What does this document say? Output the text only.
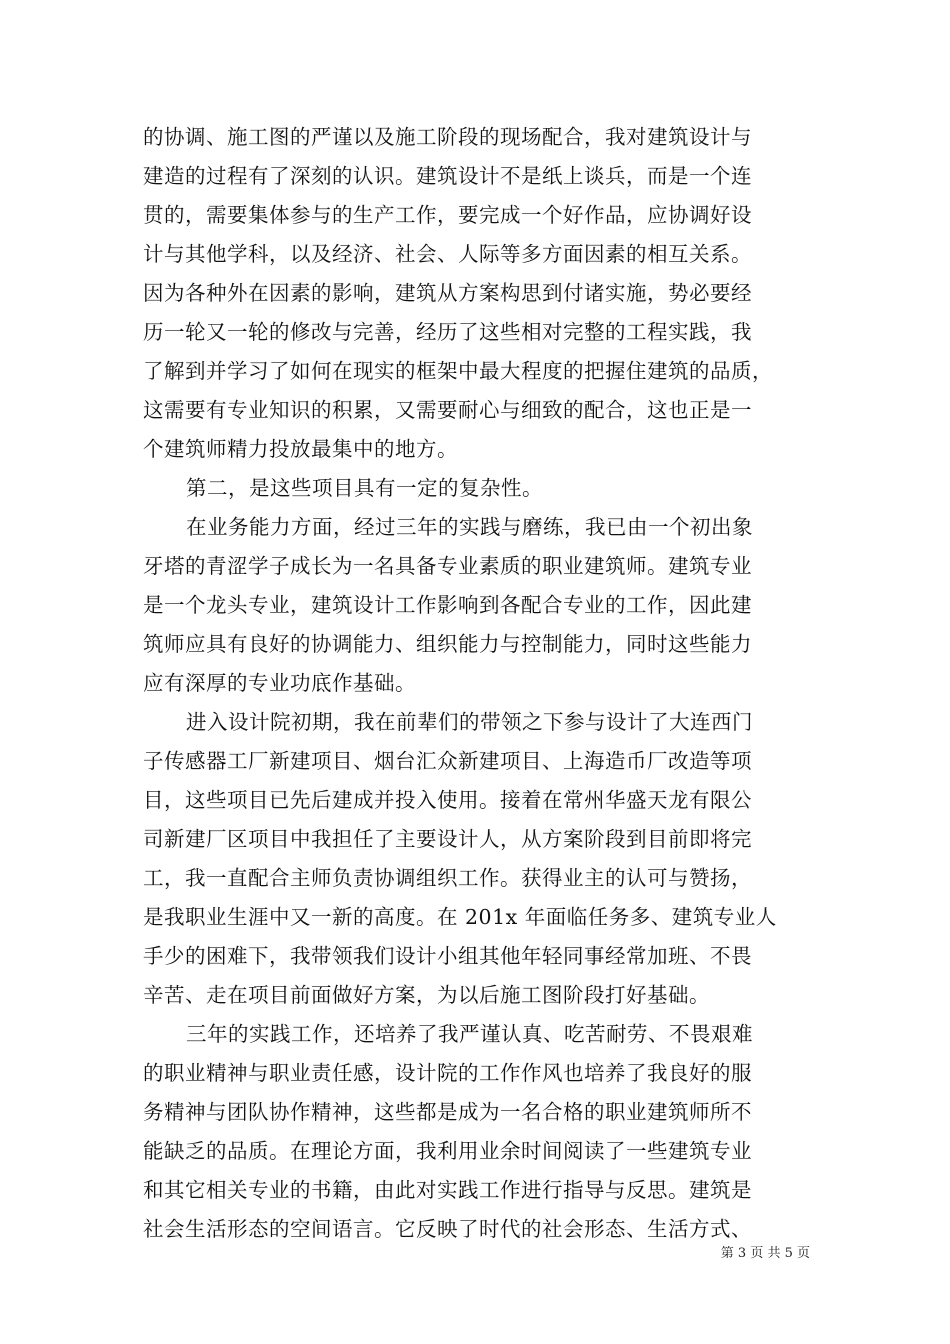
的协调、施工图的严谨以及施工阶段的现场配合，我对建筑设计与
建造的过程有了深刻的认识。建筑设计不是纸上谈兵，而是一个连
贯的，需要集体参与的生产工作，要完成一个好作品，应协调好设
计与其他学科，以及经济、社会、人际等多方面因素的相互关系。
因为各种外在因素的影响，建筑从方案构思到付诸实施，势必要经
历一轮又一轮的修改与完善，经历了这些相对完整的工程实践，我
了解到并学习了如何在现实的框架中最大程度的把握住建筑的品质，
这需要有专业知识的积累，又需要耐心与细致的配合，这也正是一
个建筑师精力投放最集中的地方。
第二，是这些项目具有一定的复杂性。
在业务能力方面，经过三年的实践与磨练，我已由一个初出象
牙塔的青涩学子成长为一名具备专业素质的职业建筑师。建筑专业
是一个龙头专业，建筑设计工作影响到各配合专业的工作，因此建
筑师应具有良好的协调能力、组织能力与控制能力，同时这些能力
应有深厚的专业功底作基础。
进入设计院初期，我在前辈们的带领之下参与设计了大连西门
子传感器工厂新建项目、烟台汇众新建项目、上海造币厂改造等项
目，这些项目已先后建成并投入使用。接着在常州华盛天龙有限公
司新建厂区项目中我担任了主要设计人，从方案阶段到目前即将完
工，我一直配合主师负责协调组织工作。获得业主的认可与赞扬，
是我职业生涯中又一新的高度。在 201x 年面临任务多、建筑专业人
手少的困难下，我带领我们设计小组其他年轻同事经常加班、不畏
辛苦、走在项目前面做好方案，为以后施工图阶段打好基础。
三年的实践工作，还培养了我严谨认真、吃苦耐劳、不畏艰难
的职业精神与职业责任感，设计院的工作作风也培养了我良好的服
务精神与团队协作精神，这些都是成为一名合格的职业建筑师所不
能缺乏的品质。在理论方面，我利用业余时间阅读了一些建筑专业
和其它相关专业的书籍，由此对实践工作进行指导与反思。建筑是
社会生活形态的空间语言。它反映了时代的社会形态、生活方式、
第 3 页 共 5 页
